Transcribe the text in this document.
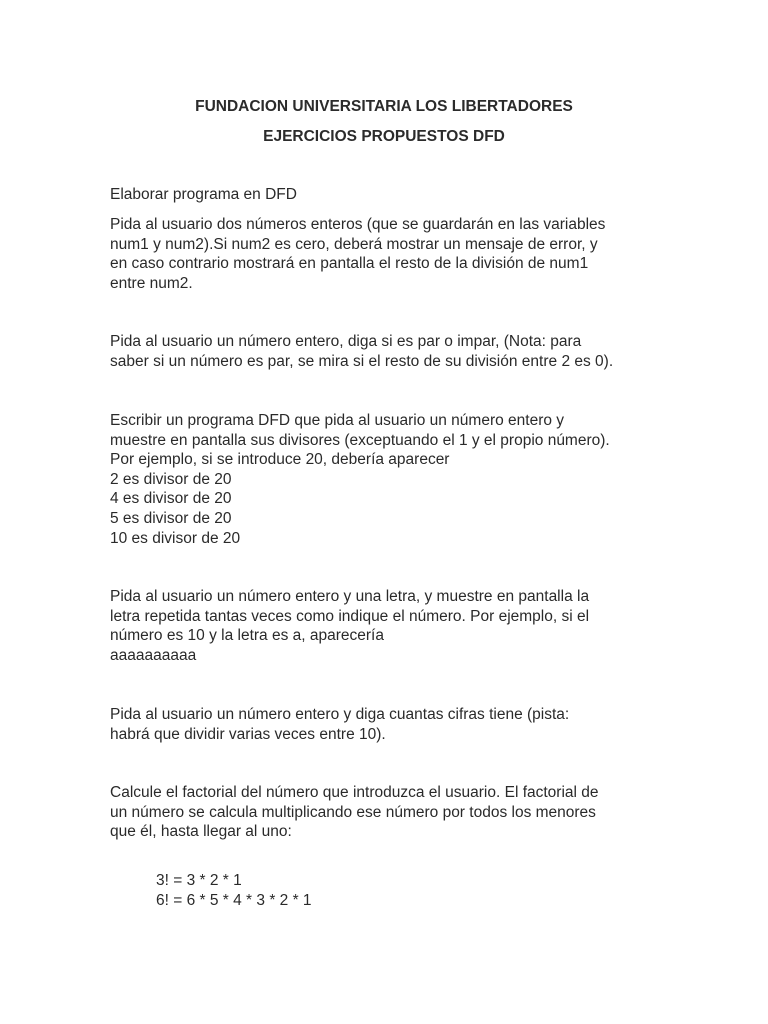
FUNDACION UNIVERSITARIA LOS LIBERTADORES
EJERCICIOS PROPUESTOS DFD
Elaborar programa en DFD
Pida al usuario dos números enteros (que se guardarán en las variables
num1 y num2).Si num2 es cero, deberá mostrar un mensaje de error, y
en caso contrario mostrará en pantalla el resto de la división de num1
entre num2.
Pida al usuario un número entero, diga si es par o impar, (Nota: para
saber si un número es par, se mira si el resto de su división entre 2 es 0).
Escribir un programa DFD que pida al usuario un número entero y
muestre en pantalla sus divisores (exceptuando el 1 y el propio número).
Por ejemplo, si se introduce 20, debería aparecer
2 es divisor de 20
4 es divisor de 20
5 es divisor de 20
10 es divisor de 20
Pida al usuario un número entero y una letra, y muestre en pantalla la
letra repetida tantas veces como indique el número. Por ejemplo, si el
número es 10 y la letra es a, aparecería
aaaaaaaaaa
Pida al usuario un número entero y diga cuantas cifras tiene (pista:
habrá que dividir varias veces entre 10).
Calcule el factorial del número que introduzca el usuario. El factorial de
un número se calcula multiplicando ese número por todos los menores
que él, hasta llegar al uno:
3! = 3 * 2 * 1
6! = 6 * 5 * 4 * 3 * 2 * 1
